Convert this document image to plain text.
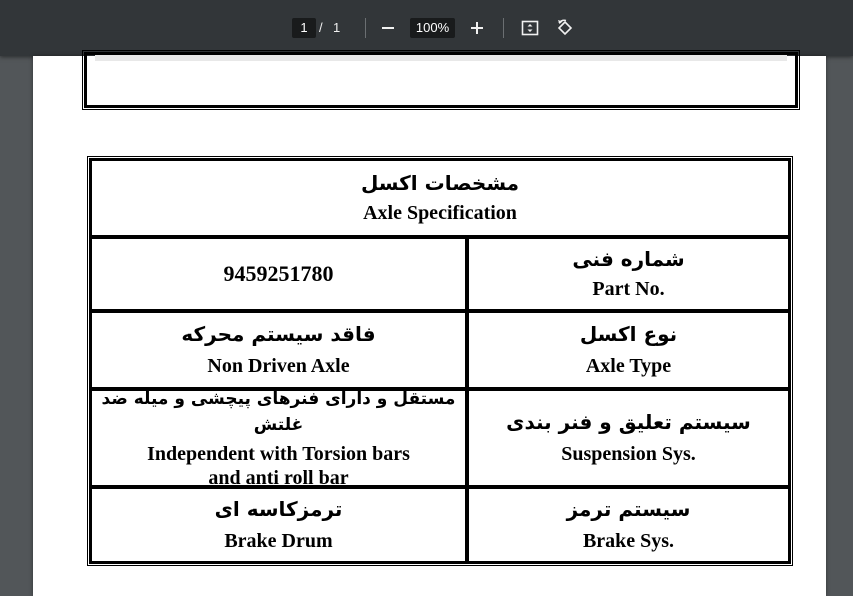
1 / 1	100%
مشخصات اکسل
Axle Specification
9459251780
شماره فنی
Part No.
فاقد سیستم محرکه
Non Driven Axle
نوع اکسل
Axle Type
مستقل و دارای فنرهای پیچشی و میله ضد غلتش
Independent with Torsion bars
and anti roll bar
سیستم تعلیق و فنر بندی
Suspension Sys.
ترمزکاسه ای
Brake Drum
سیستم ترمز
Brake Sys.
